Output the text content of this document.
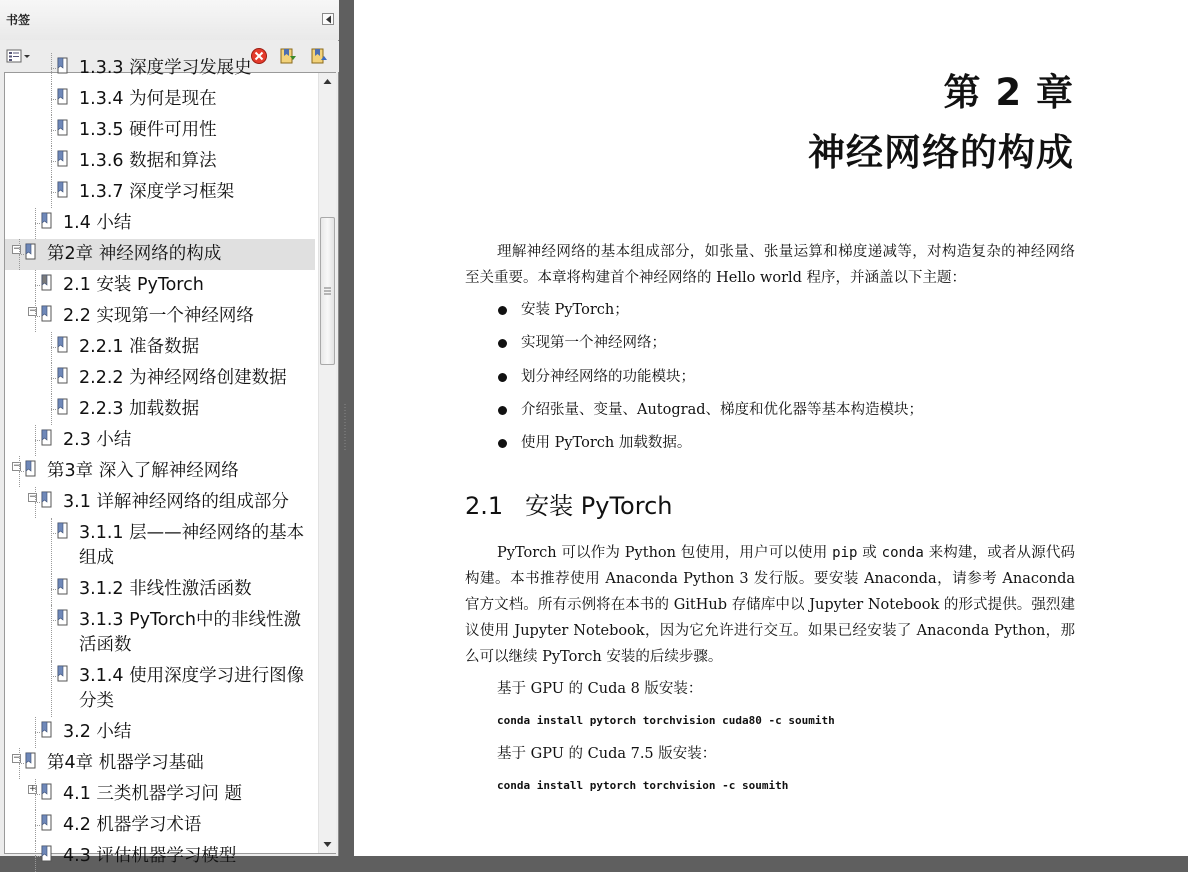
书签
1.3.3 深度学习发展史
1.3.4 为何是现在
1.3.5 硬件可用性
1.3.6 数据和算法
1.3.7 深度学习框架
1.4 小结
− 第2章 神经网络的构成
2.1 安装 PyTorch
− 2.2 实现第一个神经网络
2.2.1 准备数据
2.2.2 为神经网络创建数据
2.2.3 加载数据
2.3 小结
− 第3章 深入了解神经网络
− 3.1 详解神经网络的组成部分
3.1.1 层——神经网络的基本
组成
3.1.2 非线性激活函数
3.1.3 PyTorch中的非线性激
活函数
3.1.4 使用深度学习进行图像
分类
3.2 小结
− 第4章 机器学习基础
+ 4.1 三类机器学习问 题
4.2 机器学习术语
4.3 评估机器学习模型
第 2 章
神经网络的构成
理解神经网络的基本组成部分，如张量、张量运算和梯度递减等，对构造复杂的神经网络至关重要。本章将构建首个神经网络的 Hello world 程序，并涵盖以下主题：
安装 PyTorch；
实现第一个神经网络；
划分神经网络的功能模块；
介绍张量、变量、Autograd、梯度和优化器等基本构造模块；
使用 PyTorch 加载数据。
2.1 安装 PyTorch
PyTorch 可以作为 Python 包使用，用户可以使用 pip 或 conda 来构建，或者从源代码构建。本书推荐使用 Anaconda Python 3 发行版。要安装 Anaconda，请参考 Anaconda 官方文档。所有示例将在本书的 GitHub 存储库中以 Jupyter Notebook 的形式提供。强烈建议使用 Jupyter Notebook，因为它允许进行交互。如果已经安装了 Anaconda Python，那么可以继续 PyTorch 安装的后续步骤。
基于 GPU 的 Cuda 8 版安装：
conda install pytorch torchvision cuda80 -c soumith
基于 GPU 的 Cuda 7.5 版安装：
conda install pytorch torchvision -c soumith
